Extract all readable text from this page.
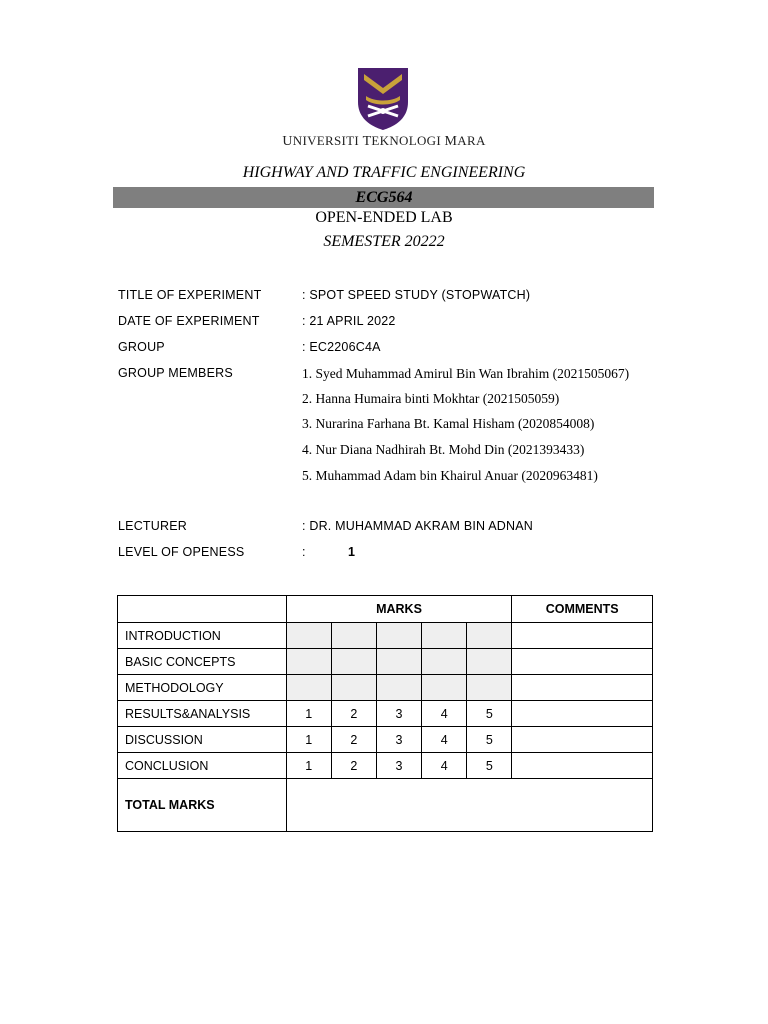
UNIVERSITI TEKNOLOGI MARA
HIGHWAY AND TRAFFIC ENGINEERING
ECG564
OPEN-ENDED LAB
SEMESTER 20222
TITLE OF EXPERIMENT	: SPOT SPEED STUDY (STOPWATCH)
DATE OF EXPERIMENT	: 21 APRIL 2022
GROUP	: EC2206C4A
GROUP MEMBERS	1. Syed Muhammad Amirul Bin Wan Ibrahim (2021505067)
2. Hanna Humaira binti Mokhtar (2021505059)
3. Nurarina Farhana Bt. Kamal Hisham (2020854008)
4. Nur Diana Nadhirah Bt. Mohd Din (2021393433)
5. Muhammad Adam bin Khairul Anuar (2020963481)
LECTURER	: DR. MUHAMMAD AKRAM BIN ADNAN
LEVEL OF OPENESS	:	1
	MARKS					COMMENTS
INTRODUCTION						
BASIC CONCEPTS						
METHODOLOGY						
RESULTS&ANALYSIS	1	2	3	4	5	
DISCUSSION	1	2	3	4	5	
CONCLUSION	1	2	3	4	5	
TOTAL MARKS						
